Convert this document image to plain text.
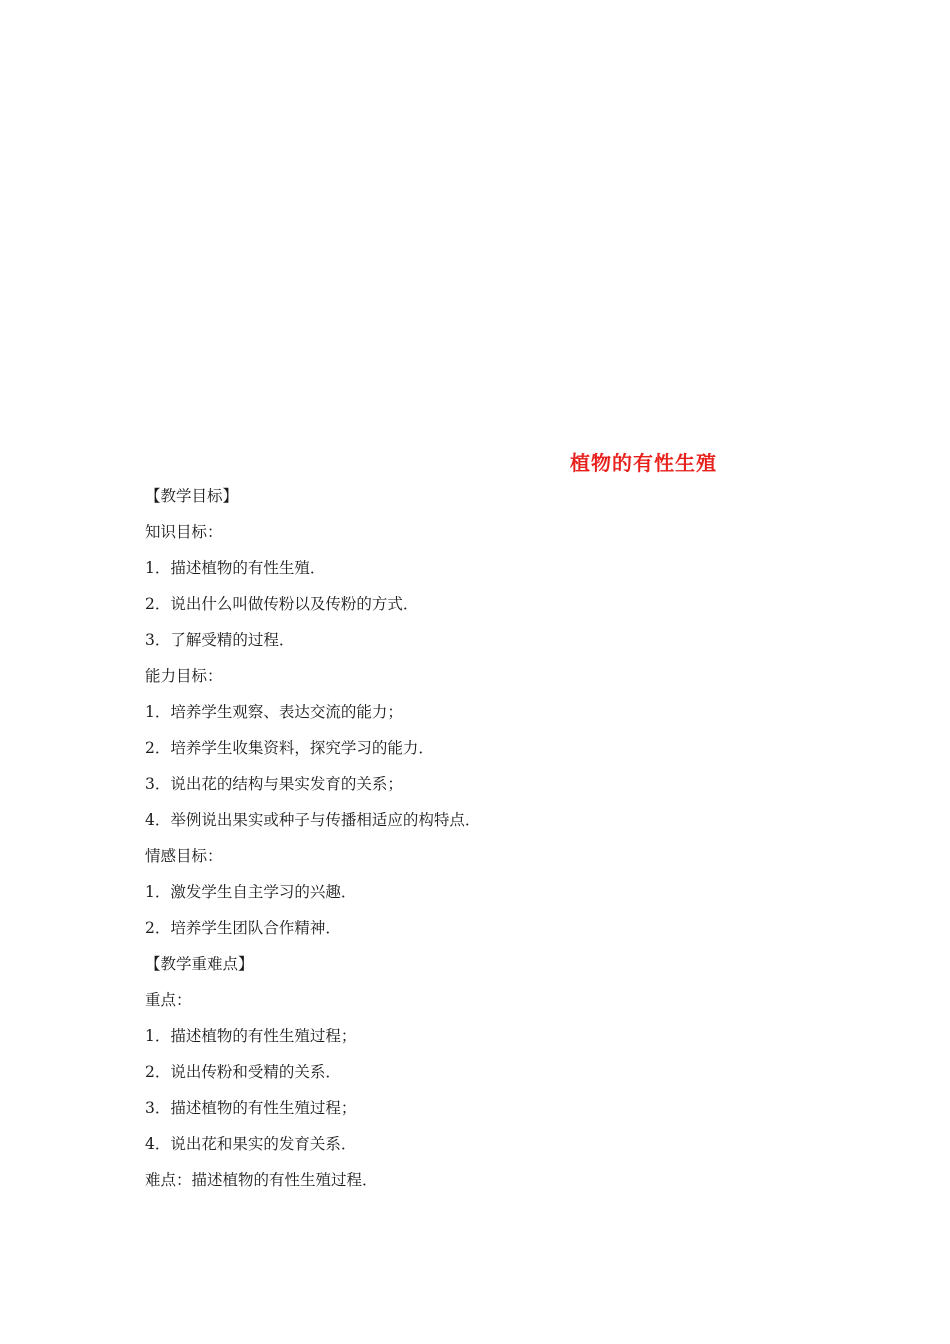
植物的有性生殖
【教学目标】
知识目标：
1．描述植物的有性生殖．
2．说出什么叫做传粉以及传粉的方式．
3．了解受精的过程．
能力目标：
1．培养学生观察、表达交流的能力；
2．培养学生收集资料，探究学习的能力．
3．说出花的结构与果实发育的关系；
4．举例说出果实或种子与传播相适应的构特点．
情感目标：
1．激发学生自主学习的兴趣．
2．培养学生团队合作精神．
【教学重难点】
重点：
1．描述植物的有性生殖过程；
2．说出传粉和受精的关系．
3．描述植物的有性生殖过程；
4．说出花和果实的发育关系．
难点：描述植物的有性生殖过程．
